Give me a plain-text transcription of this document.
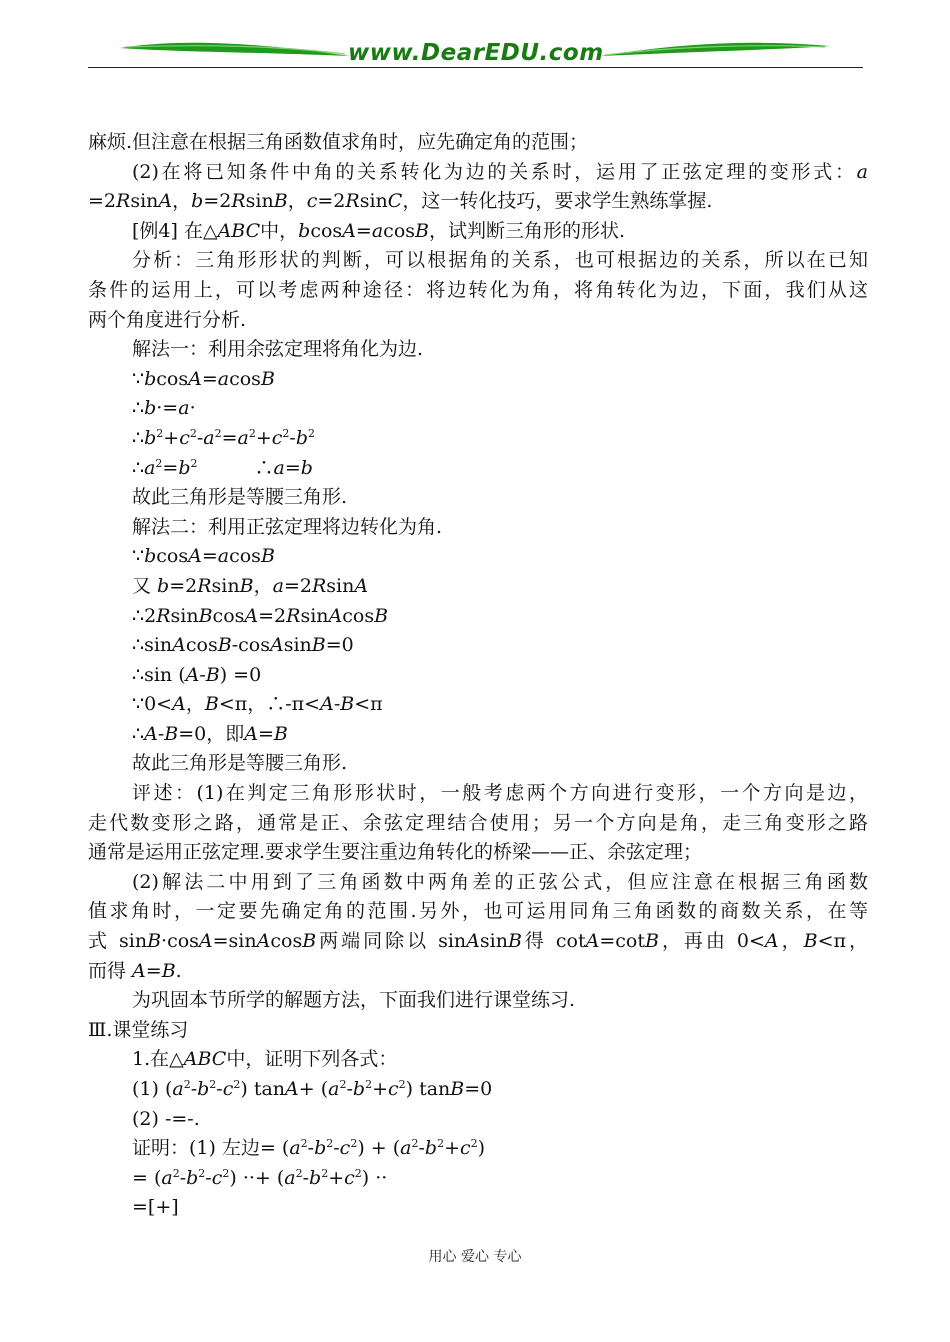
www.DearEDU.com
麻烦.但注意在根据三角函数值求角时，应先确定角的范围；
(2)在将已知条件中角的关系转化为边的关系时，运用了正弦定理的变形式：a
=2RsinA，b=2RsinB，c=2RsinC，这一转化技巧，要求学生熟练掌握.
[例4] 在△ABC中，bcosA=acosB，试判断三角形的形状.
分析：三角形形状的判断，可以根据角的关系，也可根据边的关系，所以在已知
条件的运用上，可以考虑两种途径：将边转化为角，将角转化为边，下面，我们从这
两个角度进行分析.
解法一：利用余弦定理将角化为边.
∵bcosA=acosB
∴b·=a·
$\therefore b^2+c^2-a^2=a^2+c^2-b^2$
$\therefore a^2=b^2$　　　∴a=b
故此三角形是等腰三角形.
解法二：利用正弦定理将边转化为角.
∵bcosA=acosB
又 b=2RsinB，a=2RsinA
∴2RsinBcosA=2RsinAcosB
∴sinAcosB-cosAsinB=0
∴sin (A-B) =0
∵0<A，B<π，∴-π<A-B<π
∴A-B=0，即A=B
故此三角形是等腰三角形.
评述：(1)在判定三角形形状时，一般考虑两个方向进行变形，一个方向是边，
走代数变形之路，通常是正、余弦定理结合使用；另一个方向是角，走三角变形之路
通常是运用正弦定理.要求学生要注重边角转化的桥梁——正、余弦定理；
(2)解法二中用到了三角函数中两角差的正弦公式，但应注意在根据三角函数
值求角时，一定要先确定角的范围.另外，也可运用同角三角函数的商数关系，在等
式 sinB·cosA=sinAcosB两端同除以 sinAsinB得 cotA=cotB，再由 0<A，B<π，
而得 A=B.
为巩固本节所学的解题方法，下面我们进行课堂练习.
Ⅲ.课堂练习
1.在△ABC中，证明下列各式：
(1) $(a^2-b^2-c^2)$ $\tan A+ (a^2-b^2+c^2)$ tanB=0
(2) -=-.
证明：(1) 左边= $(a^2-b^2-c^2) + (a^2-b^2+c^2)$
= $(a^2-b^2-c^2)$ ··+ $(a^2-b^2+c^2)$ ··
=[+]
用心 爱心 专心
